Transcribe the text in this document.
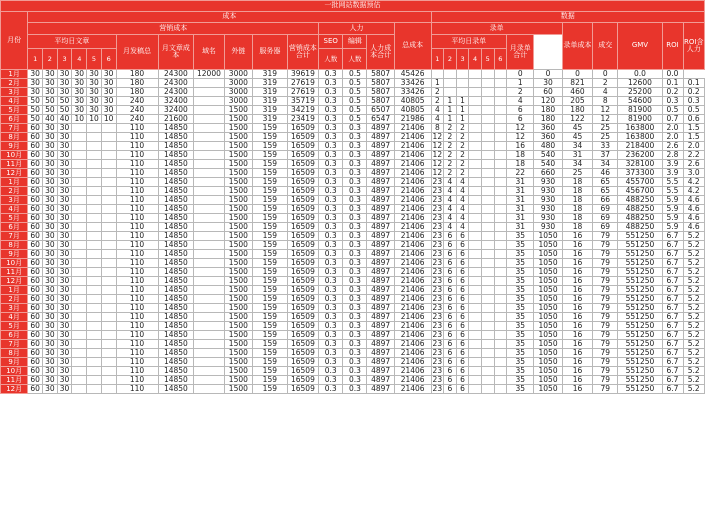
一批网站数据预估																													
月份	成本																数据												
	营销成本												人力			总成本	录单								录单成本	成交	GMV	ROI	ROI含人力
	平均日文章						月发稿总	月文章成本	域名	外链	服务器	营销成本合计	SEO	编辑	人力成本合计		平均日录单						月录单合计						
	1	2	3	4	5	6							人数	人数			1	2	3	4	5	6							
1月	30	30	30	30	30	30	180	24300	12000	3000	319	39619	0.3	0.5	5807	45426							0	0	0	0	0.0	0.0	
2月	30	30	30	30	30	30	180	24300		3000	319	27619	0.3	0.5	5807	33426	1						1	30	821	2	12600	0.1	0.1
3月	30	30	30	30	30	30	180	24300		3000	319	27619	0.3	0.5	5807	33426	2						2	60	460	4	25200	0.2	0.2
4月	50	50	50	30	30	30	240	32400		3000	319	35719	0.3	0.5	5807	40805	2	1	1				4	120	205	8	54600	0.3	0.3
5月	50	50	50	30	30	30	240	32400		1500	319	34219	0.3	0.5	6507	40805	4	1	1				6	180	180	12	81900	0.5	0.5
6月	50	40	40	10	10	10	240	21600		1500	319	23419	0.3	0.5	6547	21986	4	1	1				6	180	122	12	81900	0.7	0.6
7月	60	30	30				110	14850		1500	159	16509	0.3	0.3	4897	21406	8	2	2				12	360	45	25	163800	2.0	1.5
8月	60	30	30				110	14850		1500	159	16509	0.3	0.3	4897	21406	12	2	2				12	360	45	25	163800	2.0	1.5
9月	60	30	30				110	14850		1500	159	16509	0.3	0.3	4897	21406	12	2	2				16	480	34	33	218400	2.6	2.0
10月	60	30	30				110	14850		1500	159	16509	0.3	0.3	4897	21406	12	2	2				18	540	31	37	236200	2.8	2.2
11月	60	30	30				110	14850		1500	159	16509	0.3	0.3	4897	21406	12	2	2				18	540	34	34	328100	3.9	2.6
12月	60	30	30				110	14850		1500	159	16509	0.3	0.3	4897	21406	12	2	2				22	660	25	46	373300	3.9	3.0
1月	60	30	30				110	14850		1500	159	16509	0.3	0.3	4897	21406	23	4	4				31	930	18	65	455700	5.5	4.2
2月	60	30	30				110	14850		1500	159	16509	0.3	0.3	4897	21406	23	4	4				31	930	18	65	456700	5.5	4.2
3月	60	30	30				110	14850		1500	159	16509	0.3	0.3	4897	21406	23	4	4				31	930	18	66	488250	5.9	4.6
4月	60	30	30				110	14850		1500	159	16509	0.3	0.3	4897	21406	23	4	4				31	930	18	69	488250	5.9	4.6
5月	60	30	30				110	14850		1500	159	16509	0.3	0.3	4897	21406	23	4	4				31	930	18	69	488250	5.9	4.6
6月	60	30	30				110	14850		1500	159	16509	0.3	0.3	4897	21406	23	4	4				31	930	18	69	488250	5.9	4.6
7月	60	30	30				110	14850		1500	159	16509	0.3	0.3	4897	21406	23	6	6				35	1050	16	79	551250	6.7	5.2
8月	60	30	30				110	14850		1500	159	16509	0.3	0.3	4897	21406	23	6	6				35	1050	16	79	551250	6.7	5.2
9月	60	30	30				110	14850		1500	159	16509	0.3	0.3	4897	21406	23	6	6				35	1050	16	79	551250	6.7	5.2
10月	60	30	30				110	14850		1500	159	16509	0.3	0.3	4897	21406	23	6	6				35	1050	16	79	551250	6.7	5.2
11月	60	30	30				110	14850		1500	159	16509	0.3	0.3	4897	21406	23	6	6				35	1050	16	79	551250	6.7	5.2
12月	60	30	30				110	14850		1500	159	16509	0.3	0.3	4897	21406	23	6	6				35	1050	16	79	551250	6.7	5.2
1月	60	30	30				110	14850		1500	159	16509	0.3	0.3	4897	21406	23	6	6				35	1050	16	79	551250	6.7	5.2
2月	60	30	30				110	14850		1500	159	16509	0.3	0.3	4897	21406	23	6	6				35	1050	16	79	551250	6.7	5.2
3月	60	30	30				110	14850		1500	159	16509	0.3	0.3	4897	21406	23	6	6				35	1050	16	79	551250	6.7	5.2
4月	60	30	30				110	14850		1500	159	16509	0.3	0.3	4897	21406	23	6	6				35	1050	16	79	551250	6.7	5.2
5月	60	30	30				110	14850		1500	159	16509	0.3	0.3	4897	21406	23	6	6				35	1050	16	79	551250	6.7	5.2
6月	60	30	30				110	14850		1500	159	16509	0.3	0.3	4897	21406	23	6	6				35	1050	16	79	551250	6.7	5.2
7月	60	30	30				110	14850		1500	159	16509	0.3	0.3	4897	21406	23	6	6				35	1050	16	79	551250	6.7	5.2
8月	60	30	30				110	14850		1500	159	16509	0.3	0.3	4897	21406	23	6	6				35	1050	16	79	551250	6.7	5.2
9月	60	30	30				110	14850		1500	159	16509	0.3	0.3	4897	21406	23	6	6				35	1050	16	79	551250	6.7	5.2
10月	60	30	30				110	14850		1500	159	16509	0.3	0.3	4897	21406	23	6	6				35	1050	16	79	551250	6.7	5.2
11月	60	30	30				110	14850		1500	159	16509	0.3	0.3	4897	21406	23	6	6				35	1050	16	79	551250	6.7	5.2
12月	60	30	30				110	14850		1500	159	16509	0.3	0.3	4897	21406	23	6	6				35	1050	16	79	551250	6.7	5.2
